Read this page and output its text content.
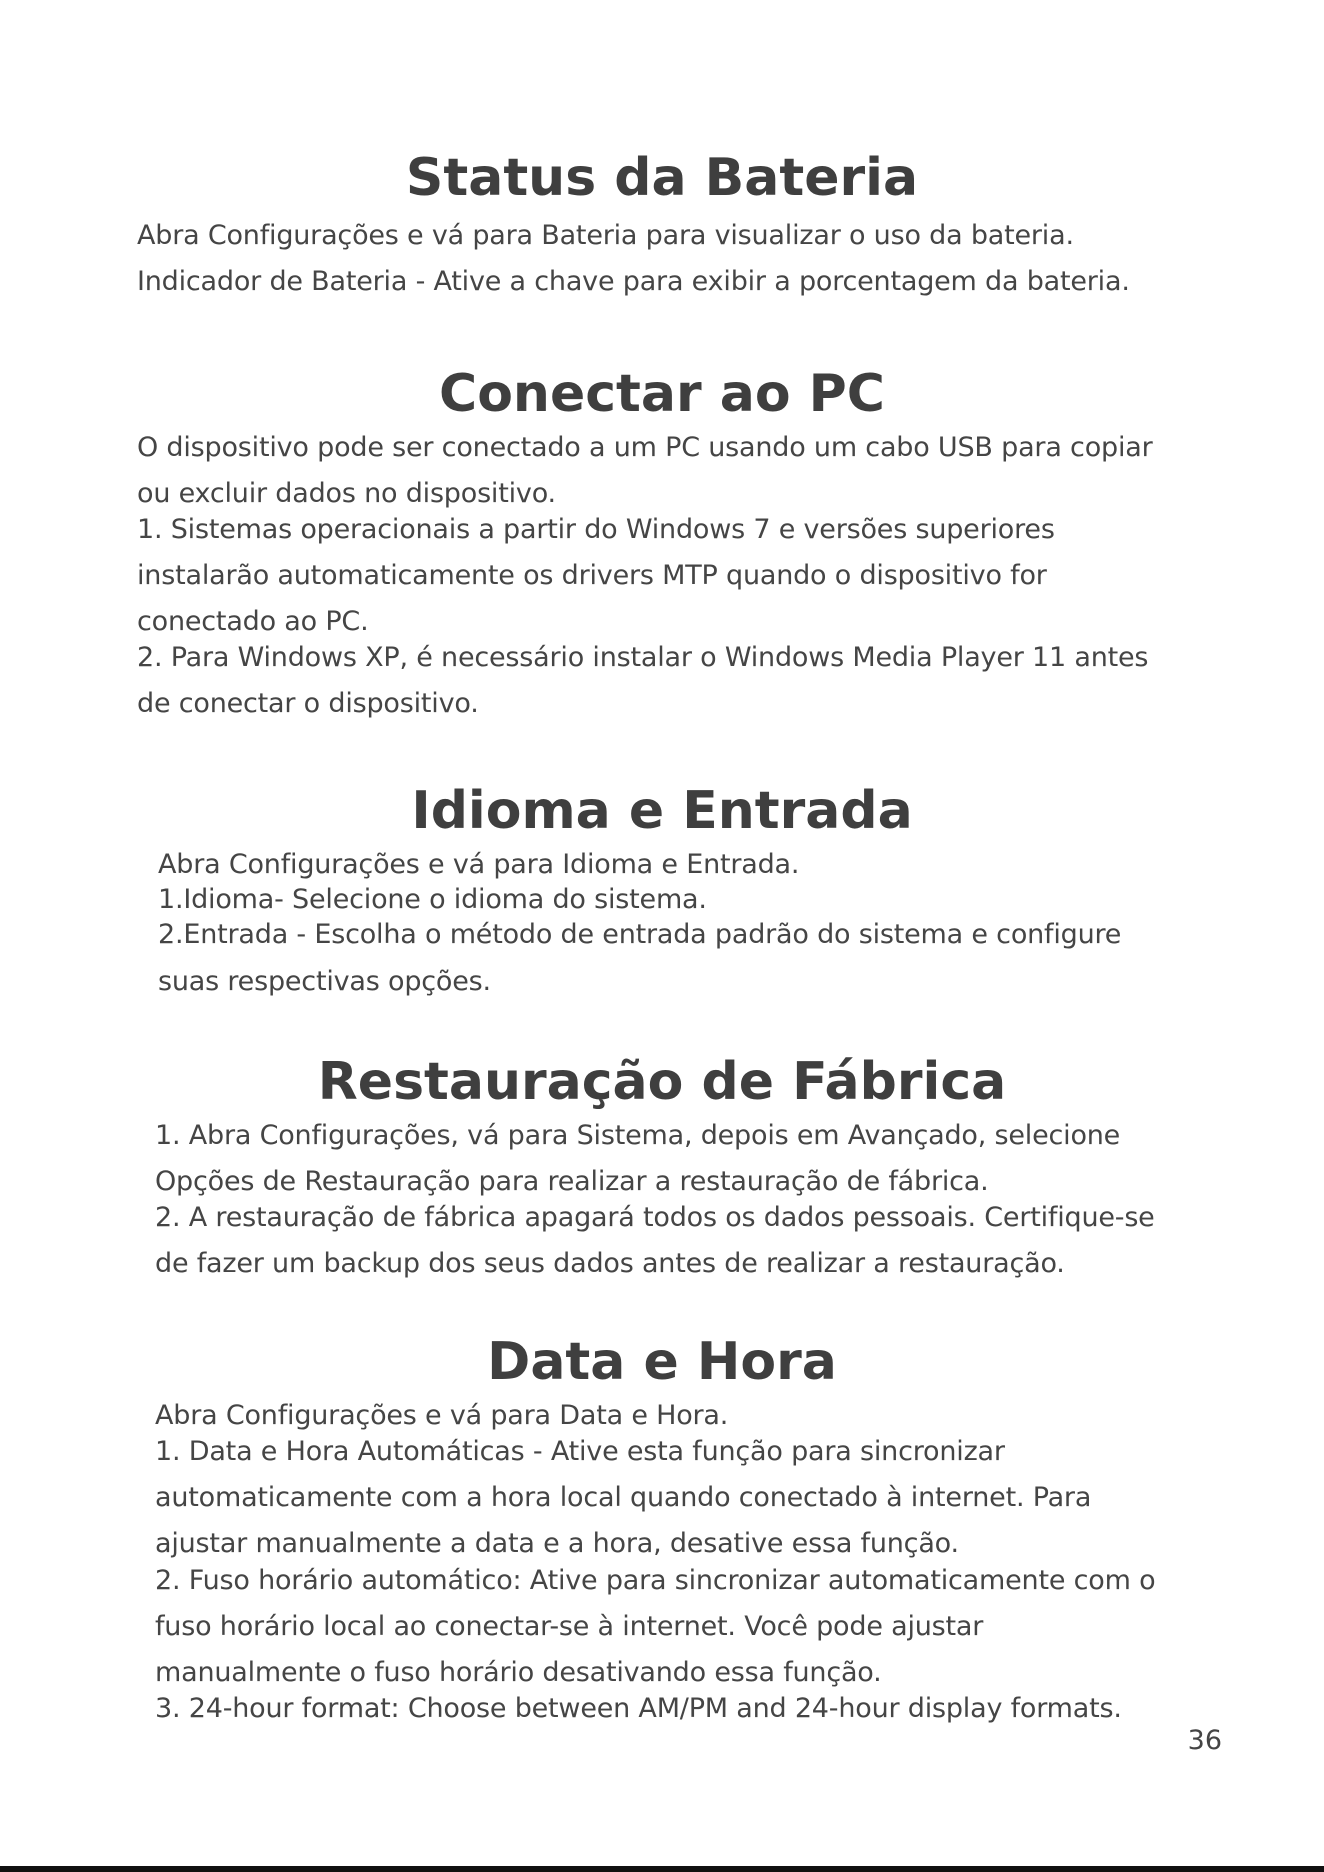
Status da Bateria

Abra Configurações e vá para Bateria para visualizar o uso da bateria.

Indicador de Bateria - Ative a chave para exibir a porcentagem da bateria.

Conectar ao PC

O dispositivo pode ser conectado a um PC usando um cabo USB para copiar

ou excluir dados no dispositivo.

1. Sistemas operacionais a partir do Windows 7 e versões superiores

instalarão automaticamente os drivers MTP quando o dispositivo for

conectado ao PC.

2. Para Windows XP, é necessário instalar o Windows Media Player 11 antes

de conectar o dispositivo.

Idioma e Entrada

Abra Configurações e vá para Idioma e Entrada.

1.Idioma- Selecione o idioma do sistema.

2.Entrada - Escolha o método de entrada padrão do sistema e configure

suas respectivas opções.

Restauração de Fábrica

1. Abra Configurações, vá para Sistema, depois em Avançado, selecione

Opções de Restauração para realizar a restauração de fábrica.

2. A restauração de fábrica apagará todos os dados pessoais. Certifique-se

de fazer um backup dos seus dados antes de realizar a restauração.

Data e Hora

Abra Configurações e vá para Data e Hora.

1. Data e Hora Automáticas - Ative esta função para sincronizar

automaticamente com a hora local quando conectado à internet. Para

ajustar manualmente a data e a hora, desative essa função.

2. Fuso horário automático: Ative para sincronizar automaticamente com o

fuso horário local ao conectar-se à internet. Você pode ajustar

manualmente o fuso horário desativando essa função.

3. 24-hour format: Choose between AM/PM and 24-hour display formats.

36
